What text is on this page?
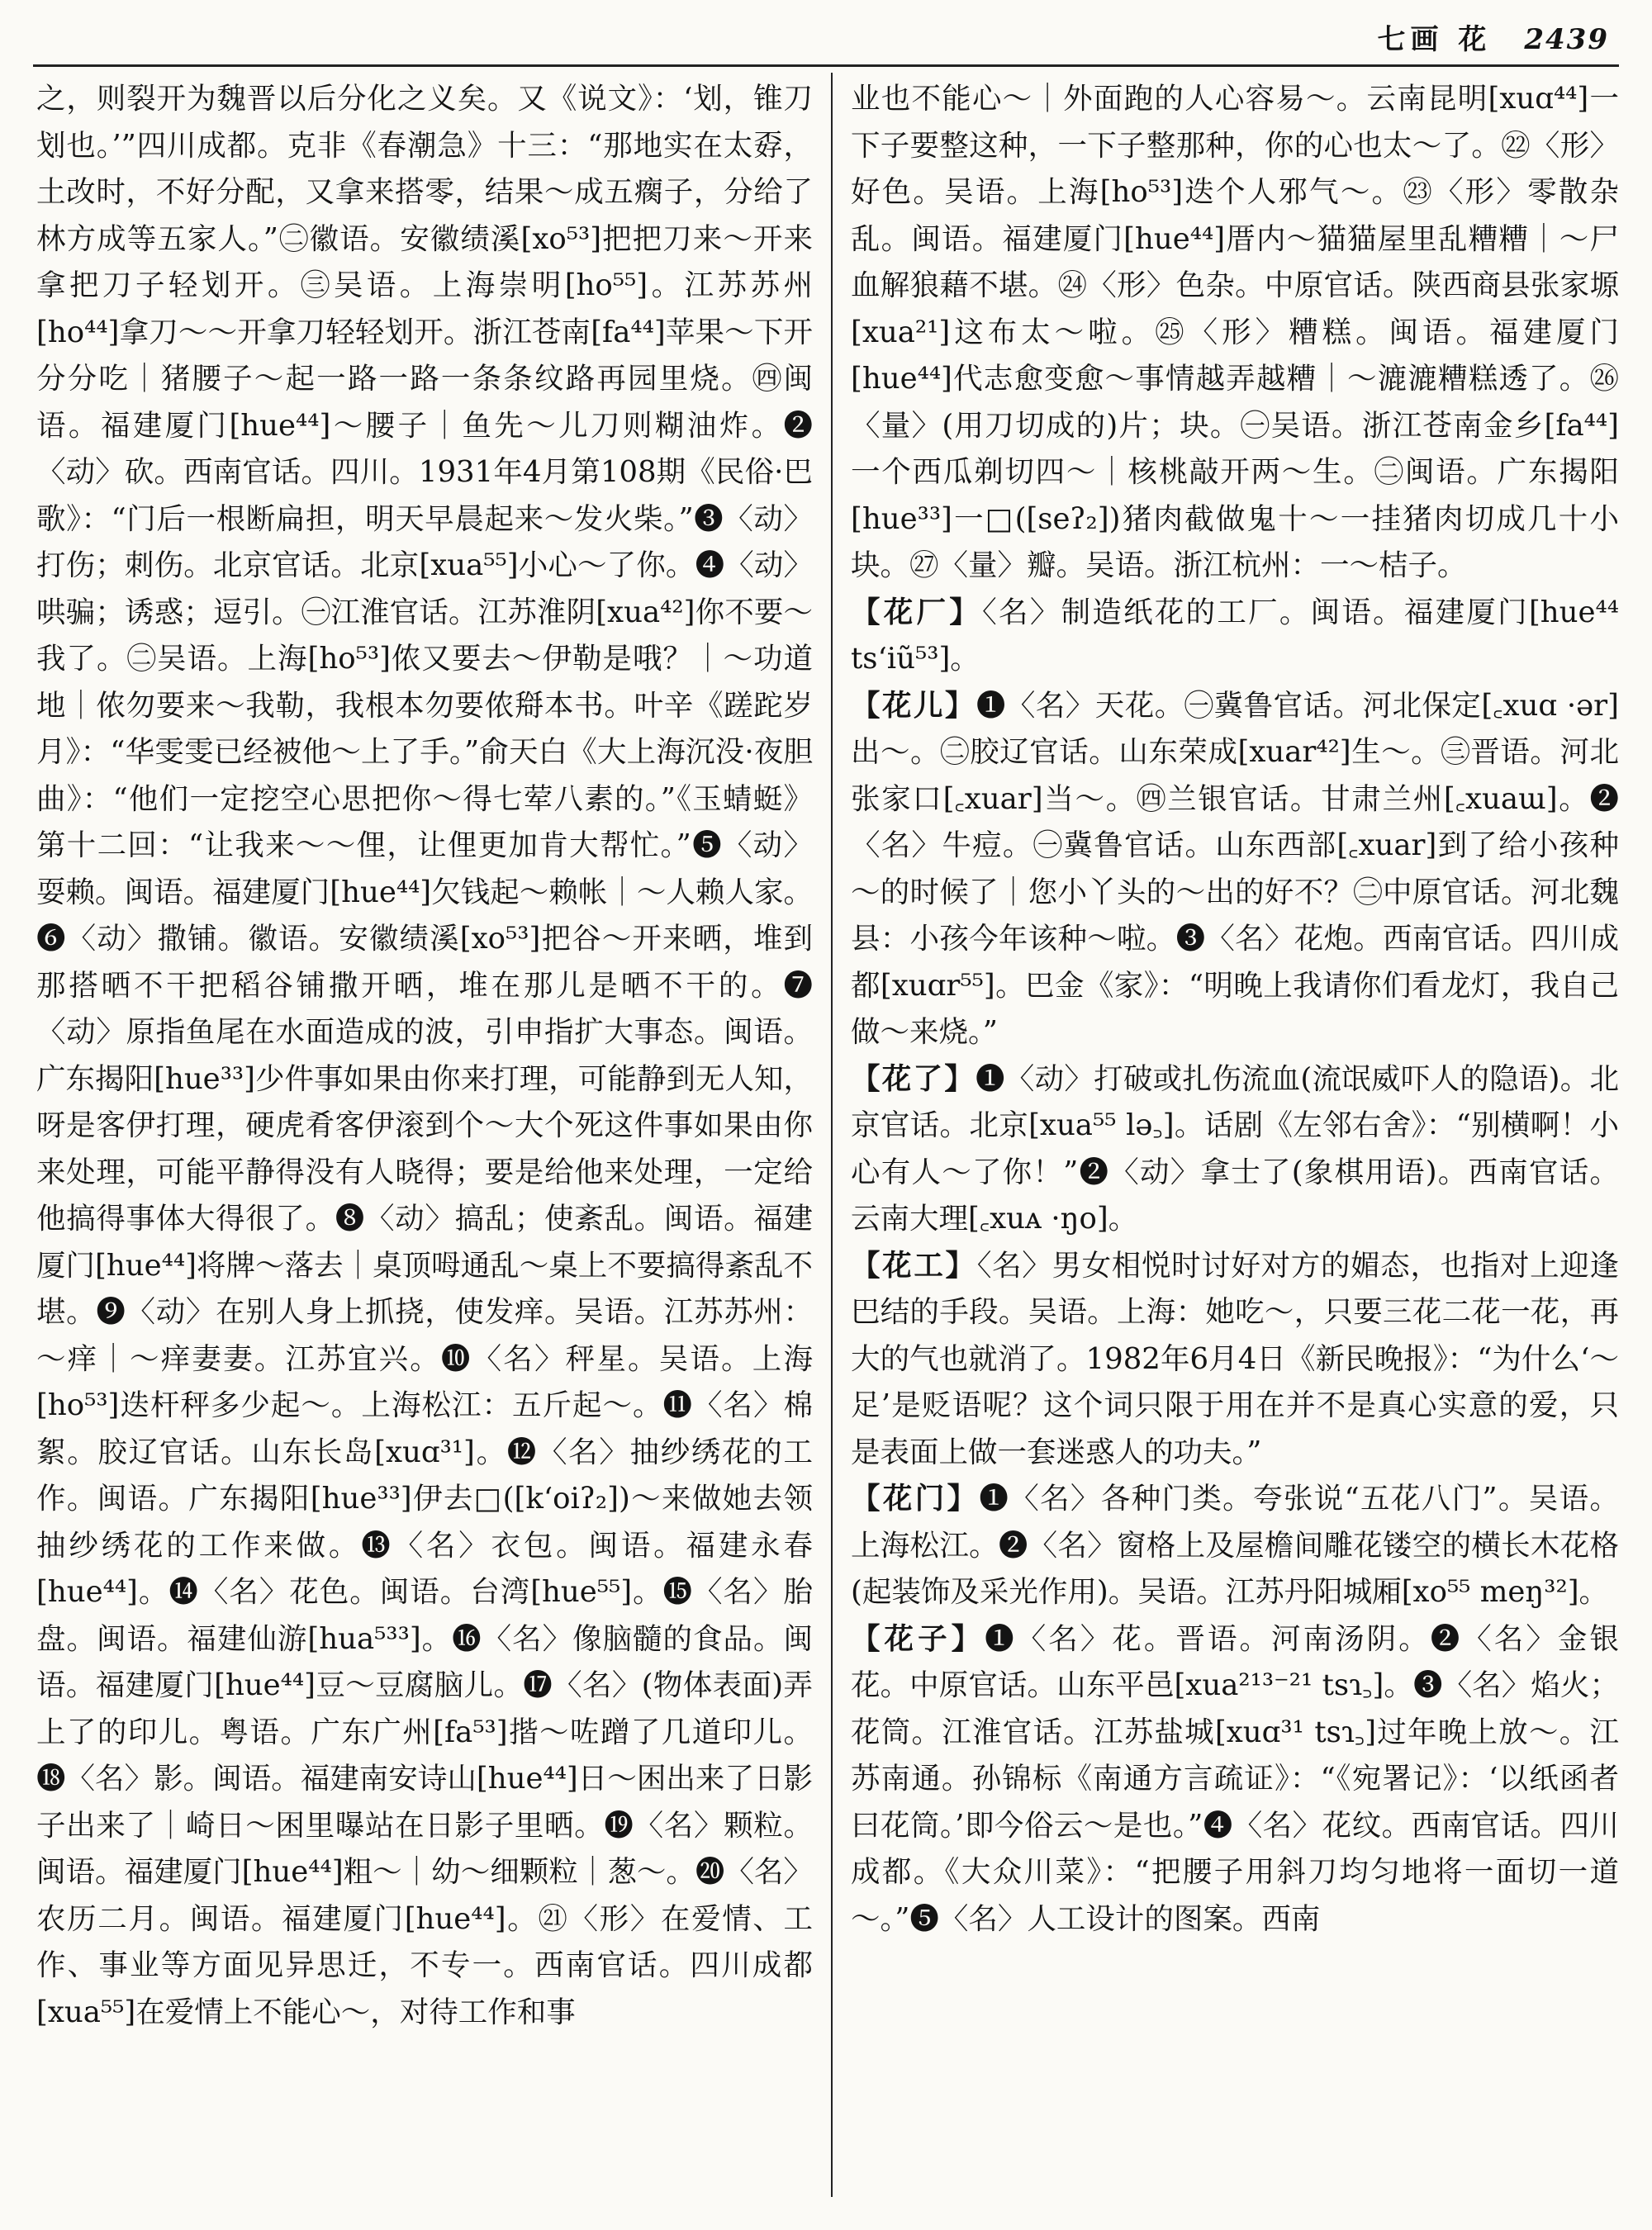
七画 花 2439

之，则裂开为魏晋以后分化之义矣。又《说文》：‘划，锥刀划也。’”四川成都。克非《春潮急》十三：“那地实在太孬，土改时，不好分配，又拿来搭零，结果～成五瘸子，分给了林方成等五家人。”㊁徽语。安徽绩溪[xo⁵³]把把刀来～开来拿把刀子轻划开。㊂吴语。上海崇明[ho⁵⁵]。江苏苏州[ho⁴⁴]拿刀～～开拿刀轻轻划开。浙江苍南[fa⁴⁴]苹果～下开分分吃｜猪腰子～起一路一路一条条纹路再园里烧。㊃闽语。福建厦门[hue⁴⁴]～腰子｜鱼先～儿刀则糊油炸。❷〈动〉砍。西南官话。四川。1931年4月第108期《民俗·巴歌》：“门后一根断扁担，明天早晨起来～发火柴。”❸〈动〉打伤；刺伤。北京官话。北京[xua⁵⁵]小心～了你。❹〈动〉哄骗；诱惑；逗引。㊀江淮官话。江苏淮阴[xua⁴²]你不要～我了。㊁吴语。上海[ho⁵³]侬又要去～伊勒是哦？｜～功道地｜侬勿要来～我勒，我根本勿要侬搿本书。叶辛《蹉跎岁月》：“华雯雯已经被他～上了手。”俞天白《大上海沉没·夜胆曲》：“他们一定挖空心思把你～得七荤八素的。”《玉蜻蜓》第十二回：“让我来～～俚，让俚更加肯大帮忙。”❺〈动〉耍赖。闽语。福建厦门[hue⁴⁴]欠钱起～赖帐｜～人赖人家。❻〈动〉撒铺。徽语。安徽绩溪[xo⁵³]把谷～开来晒，堆到那搭晒不干把稻谷铺撒开晒，堆在那儿是晒不干的。❼〈动〉原指鱼尾在水面造成的波，引申指扩大事态。闽语。广东揭阳[hue³³]少件事如果由你来打理，可能静到无人知，呀是客伊打理，硬虎肴客伊滚到个～大个死这件事如果由你来处理，可能平静得没有人晓得；要是给他来处理，一定给他搞得事体大得很了。❽〈动〉搞乱；使紊乱。闽语。福建厦门[hue⁴⁴]将牌～落去｜桌顶呣通乱～桌上不要搞得紊乱不堪。❾〈动〉在别人身上抓挠，使发痒。吴语。江苏苏州：～痒｜～痒妻妻。江苏宜兴。❿〈名〉秤星。吴语。上海[ho⁵³]迭杆秤多少起～。上海松江：五斤起～。⓫〈名〉棉絮。胶辽官话。山东长岛[xuɑ³¹]。⓬〈名〉抽纱绣花的工作。闽语。广东揭阳[hue³³]伊去□([k‘oiʔ₂])～来做她去领抽纱绣花的工作来做。⓭〈名〉衣包。闽语。福建永春[hue⁴⁴]。⓮〈名〉花色。闽语。台湾[hue⁵⁵]。⓯〈名〉胎盘。闽语。福建仙游[hua⁵³³]。⓰〈名〉像脑髓的食品。闽语。福建厦门[hue⁴⁴]豆～豆腐脑儿。⓱〈名〉(物体表面)弄上了的印儿。粤语。广东广州[fa⁵³]揩～咗蹭了几道印儿。⓲〈名〉影。闽语。福建南安诗山[hue⁴⁴]日～困出来了日影子出来了｜崎日～困里曝站在日影子里晒。⓳〈名〉颗粒。闽语。福建厦门[hue⁴⁴]粗～｜幼～细颗粒｜葱～。⓴〈名〉农历二月。闽语。福建厦门[hue⁴⁴]。㉑〈形〉在爱情、工作、事业等方面见异思迁，不专一。西南官话。四川成都[xua⁵⁵]在爱情上不能心～，对待工作和事

业也不能心～｜外面跑的人心容易～。云南昆明[xuɑ⁴⁴]一下子要整这种，一下子整那种，你的心也太～了。㉒〈形〉好色。吴语。上海[ho⁵³]迭个人邪气～。㉓〈形〉零散杂乱。闽语。福建厦门[hue⁴⁴]厝内～猫猫屋里乱糟糟｜～尸血解狼藉不堪。㉔〈形〉色杂。中原官话。陕西商县张家塬[xua²¹]这布太～啦。㉕〈形〉糟糕。闽语。福建厦门[hue⁴⁴]代志愈变愈～事情越弄越糟｜～漉漉糟糕透了。㉖〈量〉(用刀切成的)片；块。㊀吴语。浙江苍南金乡[fa⁴⁴]一个西瓜剃切四～｜核桃敲开两～生。㊁闽语。广东揭阳[hue³³]一□([seʔ₂])猪肉截做鬼十～一挂猪肉切成几十小块。㉗〈量〉瓣。吴语。浙江杭州：一～桔子。

【花厂】〈名〉制造纸花的工厂。闽语。福建厦门[hue⁴⁴ ts‘iũ⁵³]。

【花儿】❶〈名〉天花。㊀冀鲁官话。河北保定[꜀xuɑ ·ər]出～。㊁胶辽官话。山东荣成[xuar⁴²]生～。㊂晋语。河北张家口[꜀xuar]当～。㊃兰银官话。甘肃兰州[꜀xuaɯ]。❷〈名〉牛痘。㊀冀鲁官话。山东西部[꜀xuar]到了给小孩种～的时候了｜您小丫头的～出的好不？㊁中原官话。河北魏县：小孩今年该种～啦。❸〈名〉花炮。西南官话。四川成都[xuɑr⁵⁵]。巴金《家》：“明晚上我请你们看龙灯，我自己做～来烧。”

【花了】❶〈动〉打破或扎伤流血(流氓威吓人的隐语)。北京官话。北京[xua⁵⁵ lə꜆]。话剧《左邻右舍》：“别横啊！小心有人～了你！”❷〈动〉拿士了(象棋用语)。西南官话。云南大理[꜀xuᴀ ·ŋo]。

【花工】〈名〉男女相悦时讨好对方的媚态，也指对上迎逢巴结的手段。吴语。上海：她吃～，只要三花二花一花，再大的气也就消了。1982年6月4日《新民晚报》：“为什么‘～足’是贬语呢？这个词只限于用在并不是真心实意的爱，只是表面上做一套迷惑人的功夫。”

【花门】❶〈名〉各种门类。夸张说“五花八门”。吴语。上海松江。❷〈名〉窗格上及屋檐间雕花镂空的横长木花格(起装饰及采光作用)。吴语。江苏丹阳城厢[xo⁵⁵ meŋ³²]。

【花子】❶〈名〉花。晋语。河南汤阴。❷〈名〉金银花。中原官话。山东平邑[xua²¹³⁻²¹ tsɿ꜆]。❸〈名〉焰火；花筒。江淮官话。江苏盐城[xuɑ³¹ tsɿ꜆]过年晚上放～。江苏南通。孙锦标《南通方言疏证》：“《宛署记》：‘以纸函者曰花筒。’即今俗云～是也。”❹〈名〉花纹。西南官话。四川成都。《大众川菜》：“把腰子用斜刀均匀地将一面切一道～。”❺〈名〉人工设计的图案。西南
